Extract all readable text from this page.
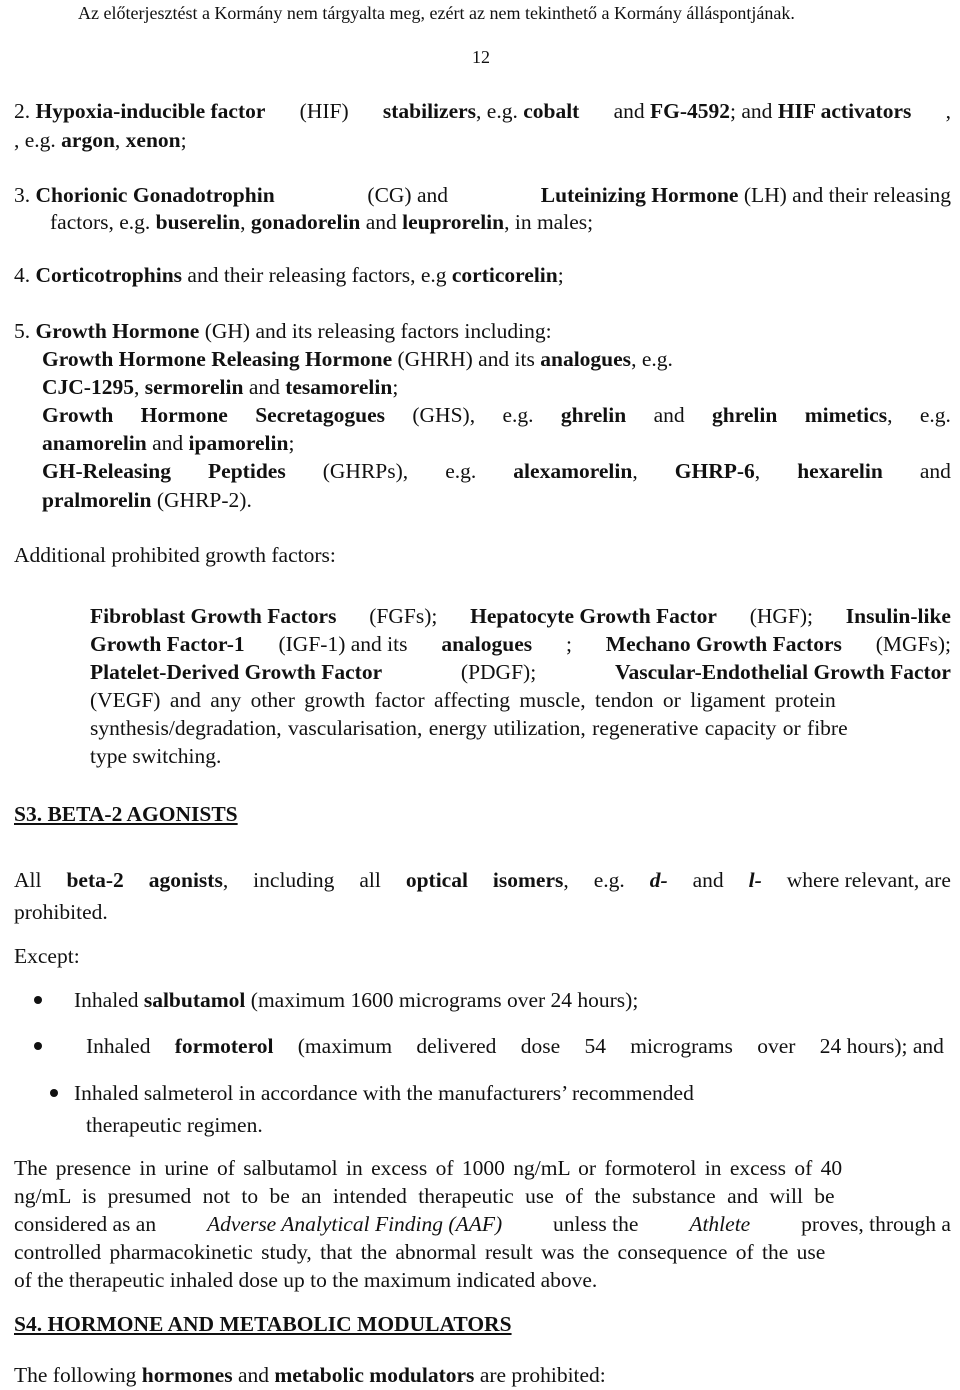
Az előterjesztést a Kormány nem tárgyalta meg, ezért az nem tekinthető a Kormány álláspontjának.
12
2. Hypoxia-inducible factor (HIF) stabilizers, e.g. cobalt and FG-4592; and HIF activators ,
, e.g. argon, xenon;
3. Chorionic Gonadotrophin	(CG) and	Luteinizing Hormone (LH) and their releasing
factors, e.g. buserelin, gonadorelin and leuprorelin, in males;
4. Corticotrophins and their releasing factors, e.g corticorelin;
5. Growth Hormone (GH) and its releasing factors including:
Growth Hormone Releasing Hormone (GHRH) and its analogues, e.g.
CJC-1295, sermorelin and tesamorelin;
Growth Hormone Secretagogues (GHS), e.g. ghrelin and ghrelin mimetics, e.g.
anamorelin and ipamorelin;
GH-Releasing Peptides (GHRPs), e.g. alexamorelin, GHRP-6, hexarelin and
pralmorelin (GHRP-2).
Additional prohibited growth factors:
Fibroblast Growth Factors (FGFs); Hepatocyte Growth Factor (HGF); Insulin-like
Growth Factor-1 (IGF-1) and its analogues ; Mechano Growth Factors (MGFs);
Platelet-Derived Growth Factor	(PDGF);	Vascular-Endothelial Growth Factor
(VEGF) and any other growth factor affecting muscle, tendon or ligament protein
synthesis/degradation, vascularisation, energy utilization, regenerative capacity or fibre
type switching.
S3. BETA-2 AGONISTS
All beta-2 agonists, including all optical isomers, e.g. d- and l- where relevant, are
prohibited.
Except:
Inhaled salbutamol (maximum 1600 micrograms over 24 hours);
Inhaled formoterol (maximum delivered dose 54 micrograms over 24 hours); and
Inhaled salmeterol in accordance with the manufacturers’ recommended
therapeutic regimen.
The presence in urine of salbutamol in excess of 1000 ng/mL or formoterol in excess of 40
ng/mL is presumed not to be an intended therapeutic use of the substance and will be
considered as an Adverse Analytical Finding (AAF) unless the Athlete proves, through a
controlled pharmacokinetic study, that the abnormal result was the consequence of the use
of the therapeutic inhaled dose up to the maximum indicated above.
S4. HORMONE AND METABOLIC MODULATORS
The following hormones and metabolic modulators are prohibited:
